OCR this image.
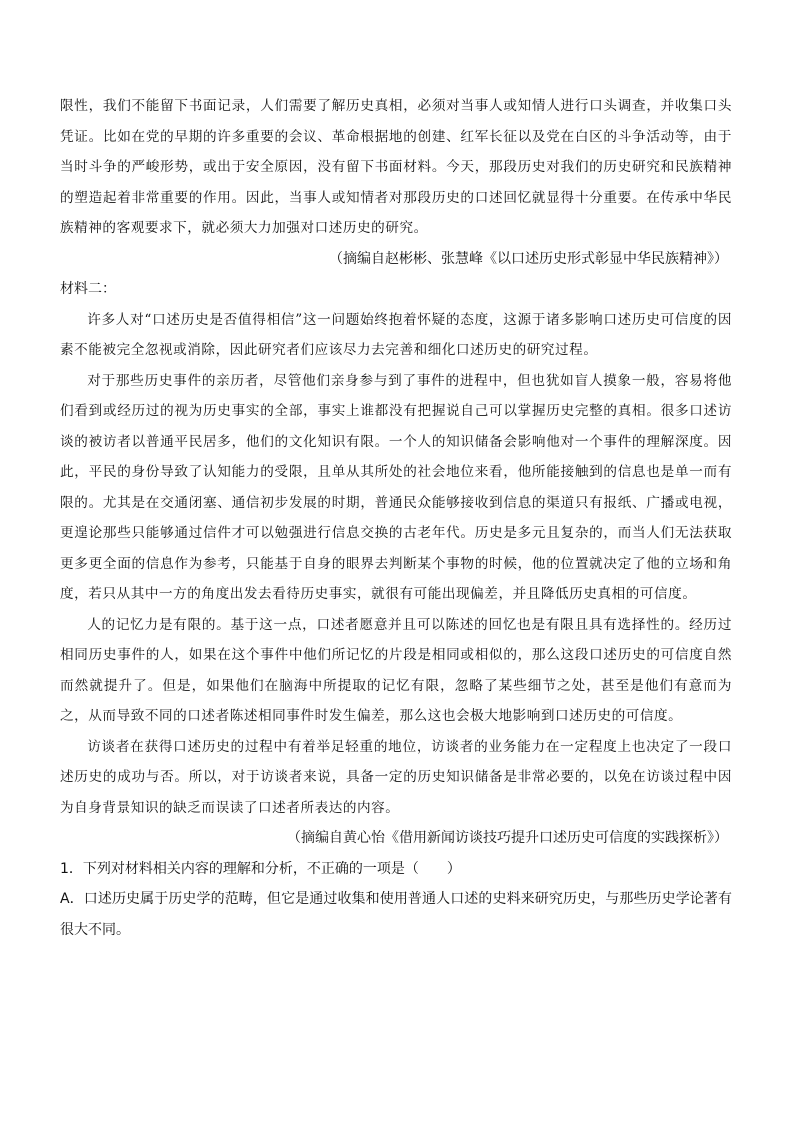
限性，我们不能留下书面记录，人们需要了解历史真相，必须对当事人或知情人进行口头调查，并收集口头凭证。比如在党的早期的许多重要的会议、革命根据地的创建、红军长征以及党在白区的斗争活动等，由于当时斗争的严峻形势，或出于安全原因，没有留下书面材料。今天，那段历史对我们的历史研究和民族精神的塑造起着非常重要的作用。因此，当事人或知情者对那段历史的口述回忆就显得十分重要。在传承中华民族精神的客观要求下，就必须大力加强对口述历史的研究。

（摘编自赵彬彬、张慧峰《以口述历史形式彰显中华民族精神》）

材料二：

许多人对“口述历史是否值得相信”这一问题始终抱着怀疑的态度，这源于诸多影响口述历史可信度的因素不能被完全忽视或消除，因此研究者们应该尽力去完善和细化口述历史的研究过程。

对于那些历史事件的亲历者，尽管他们亲身参与到了事件的进程中，但也犹如盲人摸象一般，容易将他们看到或经历过的视为历史事实的全部，事实上谁都没有把握说自己可以掌握历史完整的真相。很多口述访谈的被访者以普通平民居多，他们的文化知识有限。一个人的知识储备会影响他对一个事件的理解深度。因此，平民的身份导致了认知能力的受限，且单从其所处的社会地位来看，他所能接触到的信息也是单一而有限的。尤其是在交通闭塞、通信初步发展的时期，普通民众能够接收到信息的渠道只有报纸、广播或电视，更遑论那些只能够通过信件才可以勉强进行信息交换的古老年代。历史是多元且复杂的，而当人们无法获取更多更全面的信息作为参考，只能基于自身的眼界去判断某个事物的时候，他的位置就决定了他的立场和角度，若只从其中一方的角度出发去看待历史事实，就很有可能出现偏差，并且降低历史真相的可信度。

人的记忆力是有限的。基于这一点，口述者愿意并且可以陈述的回忆也是有限且具有选择性的。经历过相同历史事件的人，如果在这个事件中他们所记忆的片段是相同或相似的，那么这段口述历史的可信度自然而然就提升了。但是，如果他们在脑海中所提取的记忆有限，忽略了某些细节之处，甚至是他们有意而为之，从而导致不同的口述者陈述相同事件时发生偏差，那么这也会极大地影响到口述历史的可信度。

访谈者在获得口述历史的过程中有着举足轻重的地位，访谈者的业务能力在一定程度上也决定了一段口述历史的成功与否。所以，对于访谈者来说，具备一定的历史知识储备是非常必要的，以免在访谈过程中因为自身背景知识的缺乏而误读了口述者所表达的内容。

（摘编自黄心怡《借用新闻访谈技巧提升口述历史可信度的实践探析》）

1．下列对材料相关内容的理解和分析，不正确的一项是（　　）

A．口述历史属于历史学的范畴，但它是通过收集和使用普通人口述的史料来研究历史，与那些历史学论著有很大不同。
